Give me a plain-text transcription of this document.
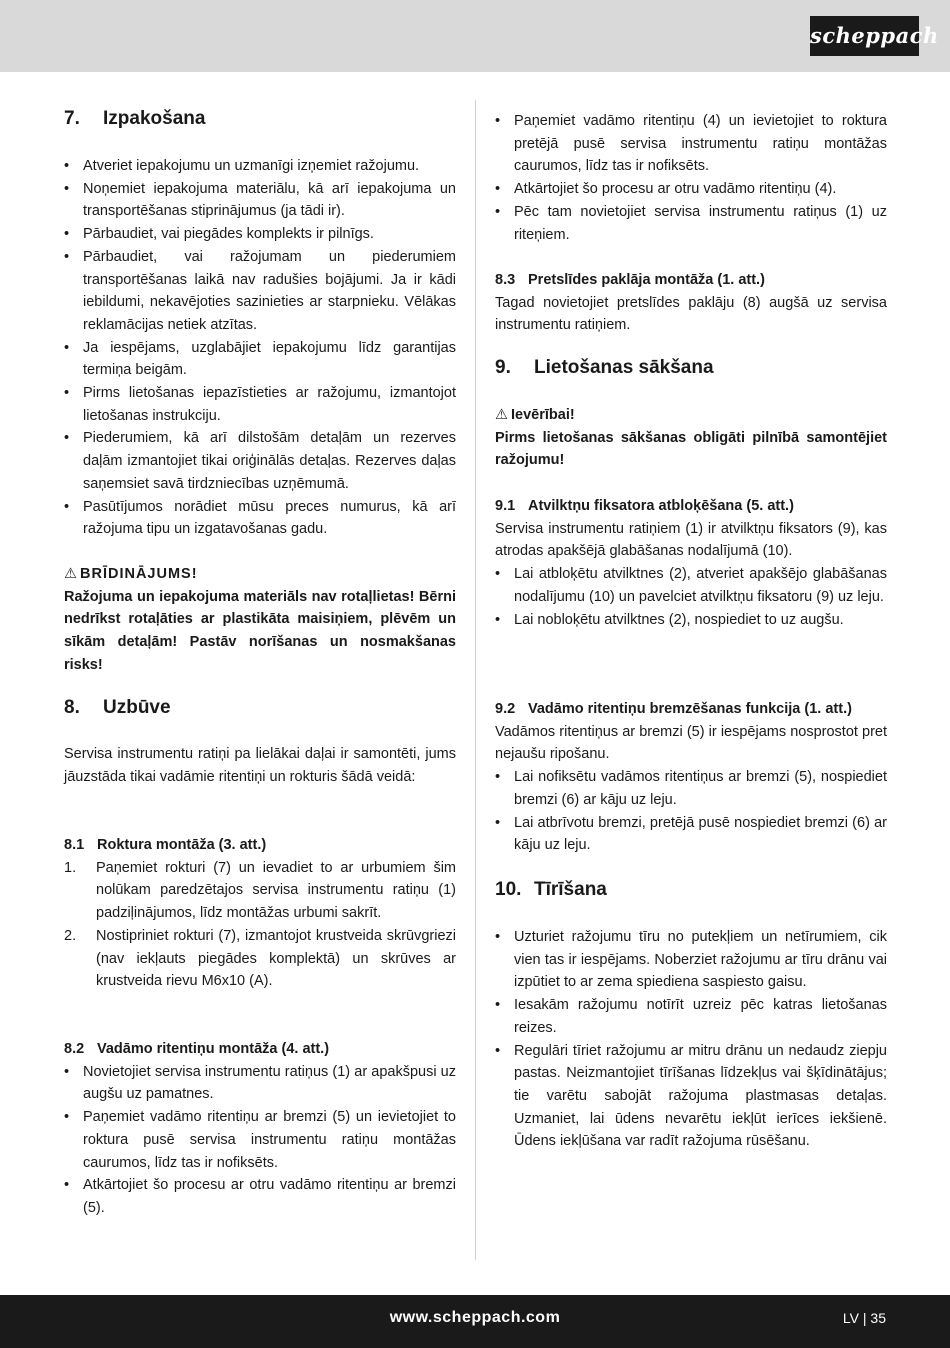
scheppach
7. Izpakošana
• Atveriet iepakojumu un uzmanīgi izņemiet ražojumu.
• Noņemiet iepakojuma materiālu, kā arī iepakojuma un transportēšanas stiprinājumus (ja tādi ir).
• Pārbaudiet, vai piegādes komplekts ir pilnīgs.
• Pārbaudiet, vai ražojumam un piederumiem transportēšanas laikā nav radušies bojājumi. Ja ir kādi iebildumi, nekavējoties sazinieties ar starpnieku. Vēlākas reklamācijas netiek atzītas.
• Ja iespējams, uzglabājiet iepakojumu līdz garantijas termiņa beigām.
• Pirms lietošanas iepazīstieties ar ražojumu, izmantojot lietošanas instrukciju.
• Piederumiem, kā arī dilstošām detaļām un rezerves daļām izmantojiet tikai oriģinālās detaļas. Rezerves daļas saņemsiet savā tirdzniecības uzņēmumā.
• Pasūtījumos norādiet mūsu preces numurus, kā arī ražojuma tipu un izgatavošanas gadu.
⚠ BRĪDINĀJUMS!
Ražojuma un iepakojuma materiāls nav rotaļlietas! Bērni nedrīkst rotaļāties ar plastikāta maisiņiem, plēvēm un sīkām detaļām! Pastāv norīšanas un nosmakšanas risks!
8. Uzbūve
Servisa instrumentu ratiņi pa lielākai daļai ir samontēti, jums jāuzstāda tikai vadāmie ritentiņi un rokturis šādā veidā:
8.1 Roktura montāža (3. att.)
1. Paņemiet rokturi (7) un ievadiet to ar urbumiem šim nolūkam paredzētajos servisa instrumentu ratiņu (1) padziļinājumos, līdz montāžas urbumi sakrīt.
2. Nostipriniet rokturi (7), izmantojot krustveida skrūvgriezi (nav iekļauts piegādes komplektā) un skrūves ar krustveida rievu M6x10 (A).
8.2 Vadāmo ritentiņu montāža (4. att.)
• Novietojiet servisa instrumentu ratiņus (1) ar apakšpusi uz augšu uz pamatnes.
• Paņemiet vadāmo ritentiņu ar bremzi (5) un ievietojiet to roktura pusē servisa instrumentu ratiņu montāžas caurumos, līdz tas ir nofiksēts.
• Atkārtojiet šo procesu ar otru vadāmo ritentiņu ar bremzi (5).
• Paņemiet vadāmo ritentiņu (4) un ievietojiet to roktura pretējā pusē servisa instrumentu ratiņu montāžas caurumos, līdz tas ir nofiksēts.
• Atkārtojiet šo procesu ar otru vadāmo ritentiņu (4).
• Pēc tam novietojiet servisa instrumentu ratiņus (1) uz riteņiem.
8.3 Pretslīdes paklāja montāža (1. att.)
Tagad novietojiet pretslīdes paklāju (8) augšā uz servisa instrumentu ratiņiem.
9. Lietošanas sākšana
⚠ Ievērībai!
Pirms lietošanas sākšanas obligāti pilnībā samontējiet ražojumu!
9.1 Atvilktņu fiksatora atbloķēšana (5. att.)
Servisa instrumentu ratiņiem (1) ir atvilktņu fiksators (9), kas atrodas apakšējā glabāšanas nodalījumā (10).
• Lai atbloķētu atvilktnes (2), atveriet apakšējo glabāšanas nodalījumu (10) un pavelciet atvilktņu fiksatoru (9) uz leju.
• Lai nobloķētu atvilktnes (2), nospiediet to uz augšu.
9.2 Vadāmo ritentiņu bremzēšanas funkcija (1. att.)
Vadāmos ritentiņus ar bremzi (5) ir iespējams nosprostot pret nejaušu ripošanu.
• Lai nofiksētu vadāmos ritentiņus ar bremzi (5), nospiediet bremzi (6) ar kāju uz leju.
• Lai atbrīvotu bremzi, pretējā pusē nospiediet bremzi (6) ar kāju uz leju.
10. Tīrīšana
• Uzturiet ražojumu tīru no putekļiem un netīrumiem, cik vien tas ir iespējams. Noberziet ražojumu ar tīru drānu vai izpūtiet to ar zema spiediena saspiesto gaisu.
• Iesakām ražojumu notīrīt uzreiz pēc katras lietošanas reizes.
• Regulāri tīriet ražojumu ar mitru drānu un nedaudz ziepju pastas. Neizmantojiet tīrīšanas līdzekļus vai šķīdinātājus; tie varētu sabojāt ražojuma plastmasas detaļas. Uzmaniet, lai ūdens nevarētu iekļūt ierīces iekšienē. Ūdens iekļūšana var radīt ražojuma rūsēšanu.
www.scheppach.com	LV | 35
